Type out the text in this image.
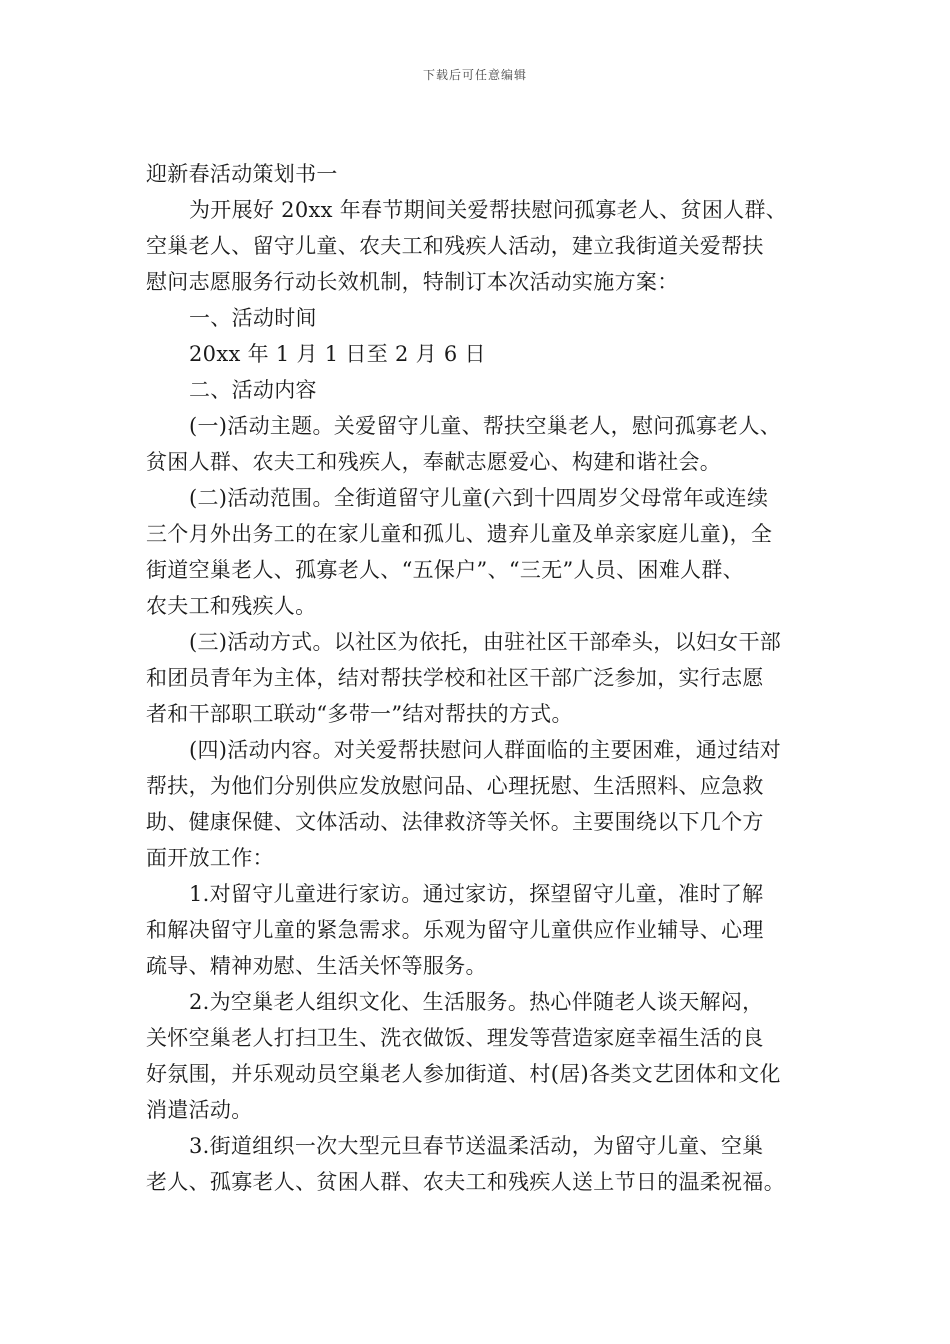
下载后可任意编辑
迎新春活动策划书一
为开展好 20xx 年春节期间关爱帮扶慰问孤寡老人、贫困人群、
空巢老人、留守儿童、农夫工和残疾人活动，建立我街道关爱帮扶
慰问志愿服务行动长效机制，特制订本次活动实施方案：
一、活动时间
20xx 年 1 月 1 日至 2 月 6 日
二、活动内容
(一)活动主题。关爱留守儿童、帮扶空巢老人，慰问孤寡老人、
贫困人群、农夫工和残疾人，奉献志愿爱心、构建和谐社会。
(二)活动范围。全街道留守儿童(六到十四周岁父母常年或连续
三个月外出务工的在家儿童和孤儿、遗弃儿童及单亲家庭儿童)，全
街道空巢老人、孤寡老人、“五保户”、“三无”人员、困难人群、
农夫工和残疾人。
(三)活动方式。以社区为依托，由驻社区干部牵头，以妇女干部
和团员青年为主体，结对帮扶学校和社区干部广泛参加，实行志愿
者和干部职工联动“多带一”结对帮扶的方式。
(四)活动内容。对关爱帮扶慰问人群面临的主要困难，通过结对
帮扶，为他们分别供应发放慰问品、心理抚慰、生活照料、应急救
助、健康保健、文体活动、法律救济等关怀。主要围绕以下几个方
面开放工作：
1.对留守儿童进行家访。通过家访，探望留守儿童，准时了解
和解决留守儿童的紧急需求。乐观为留守儿童供应作业辅导、心理
疏导、精神劝慰、生活关怀等服务。
2.为空巢老人组织文化、生活服务。热心伴随老人谈天解闷，
关怀空巢老人打扫卫生、洗衣做饭、理发等营造家庭幸福生活的良
好氛围，并乐观动员空巢老人参加街道、村(居)各类文艺团体和文化
消遣活动。
3.街道组织一次大型元旦春节送温柔活动，为留守儿童、空巢
老人、孤寡老人、贫困人群、农夫工和残疾人送上节日的温柔祝福。
